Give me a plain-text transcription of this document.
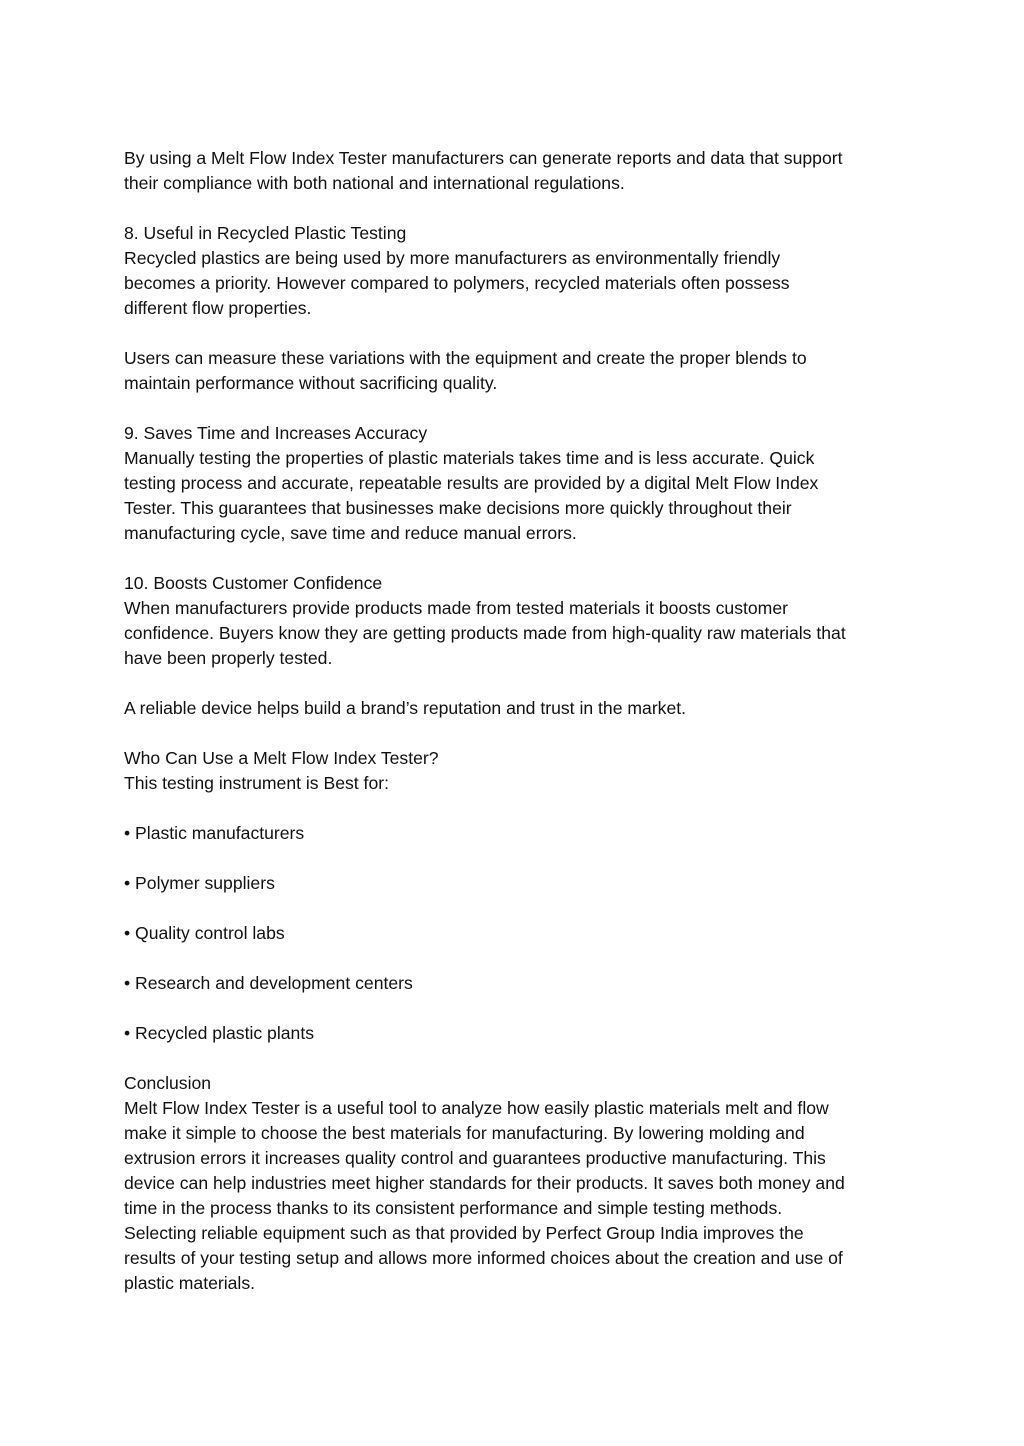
By using a Melt Flow Index Tester manufacturers can generate reports and data that support
their compliance with both national and international regulations.
8. Useful in Recycled Plastic Testing
Recycled plastics are being used by more manufacturers as environmentally friendly
becomes a priority. However compared to polymers, recycled materials often possess
different flow properties.
Users can measure these variations with the equipment and create the proper blends to
maintain performance without sacrificing quality.
9. Saves Time and Increases Accuracy
Manually testing the properties of plastic materials takes time and is less accurate. Quick
testing process and accurate, repeatable results are provided by a digital Melt Flow Index
Tester. This guarantees that businesses make decisions more quickly throughout their
manufacturing cycle, save time and reduce manual errors.
10. Boosts Customer Confidence
When manufacturers provide products made from tested materials it boosts customer
confidence. Buyers know they are getting products made from high-quality raw materials that
have been properly tested.
A reliable device helps build a brand’s reputation and trust in the market.
Who Can Use a Melt Flow Index Tester?
This testing instrument is Best for:
• Plastic manufacturers
• Polymer suppliers
• Quality control labs
• Research and development centers
• Recycled plastic plants
Conclusion
Melt Flow Index Tester is a useful tool to analyze how easily plastic materials melt and flow
make it simple to choose the best materials for manufacturing. By lowering molding and
extrusion errors it increases quality control and guarantees productive manufacturing. This
device can help industries meet higher standards for their products. It saves both money and
time in the process thanks to its consistent performance and simple testing methods.
Selecting reliable equipment such as that provided by Perfect Group India improves the
results of your testing setup and allows more informed choices about the creation and use of
plastic materials.
